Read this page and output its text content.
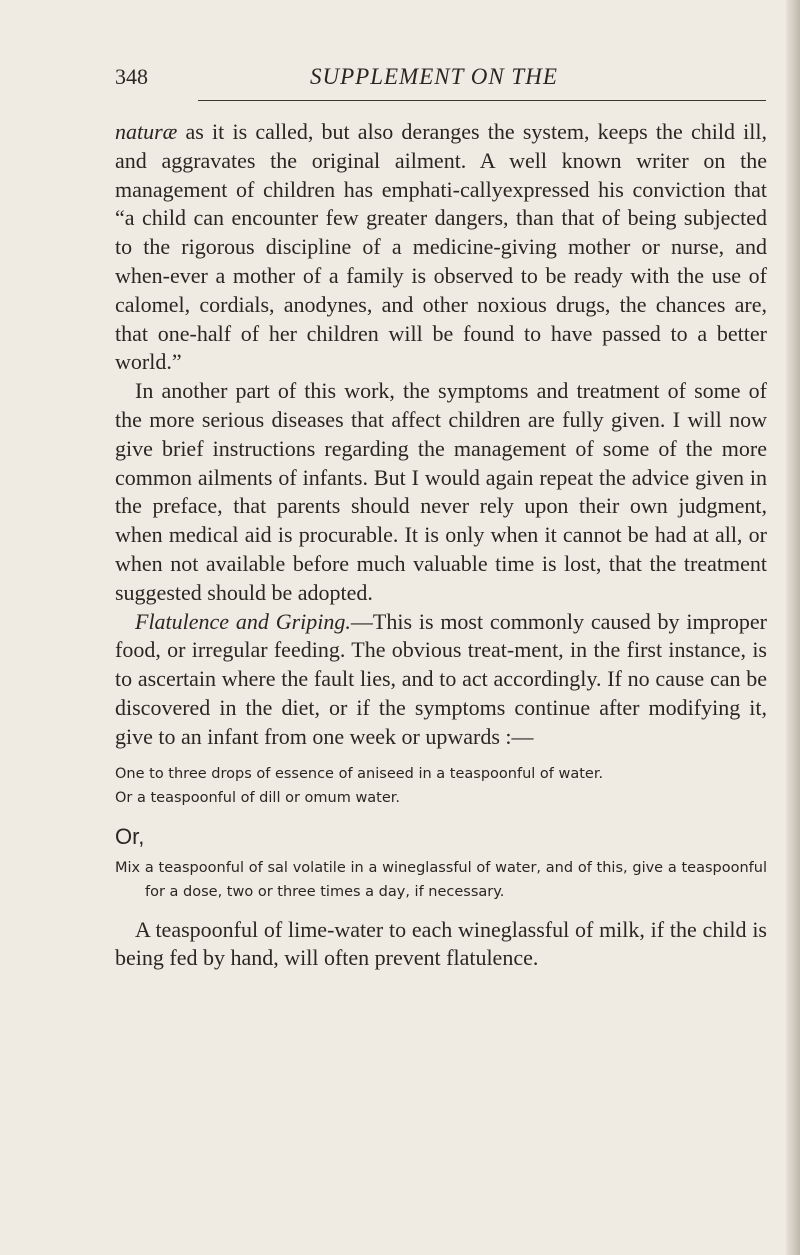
348	SUPPLEMENT ON THE

naturæ as it is called, but also deranges the system, keeps the child ill, and aggravates the original ailment. A well known writer on the management of children has emphati-callyexpressed his conviction that “a child can encounter few greater dangers, than that of being subjected to the rigorous discipline of a medicine-giving mother or nurse, and when-ever a mother of a family is observed to be ready with the use of calomel, cordials, anodynes, and other noxious drugs, the chances are, that one-half of her children will be found to have passed to a better world.”

In another part of this work, the symptoms and treatment of some of the more serious diseases that affect children are fully given. I will now give brief instructions regarding the management of some of the more common ailments of infants. But I would again repeat the advice given in the preface, that parents should never rely upon their own judgment, when medical aid is procurable. It is only when it cannot be had at all, or when not available before much valuable time is lost, that the treatment suggested should be adopted.

Flatulence and Griping.—This is most commonly caused by improper food, or irregular feeding. The obvious treat-ment, in the first instance, is to ascertain where the fault lies, and to act accordingly. If no cause can be discovered in the diet, or if the symptoms continue after modifying it, give to an infant from one week or upwards :—

One to three drops of essence of aniseed in a teaspoonful of water.

Or a teaspoonful of dill or omum water.

Or,

Mix a teaspoonful of sal volatile in a wineglassful of water, and of this, give a teaspoonful for a dose, two or three times a day, if necessary.

A teaspoonful of lime-water to each wineglassful of milk, if the child is being fed by hand, will often prevent flatulence.
